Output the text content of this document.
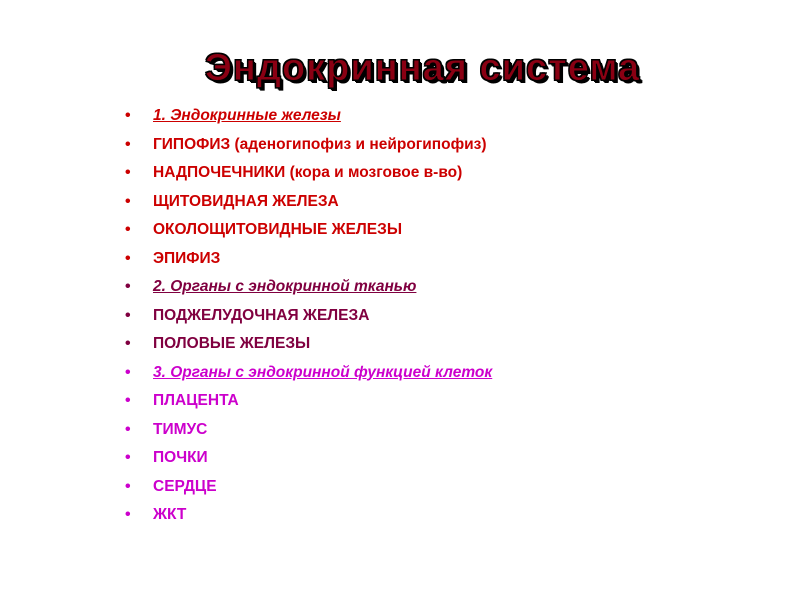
Эндокринная система
•	1. Эндокринные железы
•	ГИПОФИЗ (аденогипофиз и нейрогипофиз)
•	НАДПОЧЕЧНИКИ (кора и мозговое в-во)
•	ЩИТОВИДНАЯ ЖЕЛЕЗА
•	ОКОЛОЩИТОВИДНЫЕ ЖЕЛЕЗЫ
•	ЭПИФИЗ
•	2. Органы с эндокринной тканью
•	ПОДЖЕЛУДОЧНАЯ ЖЕЛЕЗА
•	ПОЛОВЫЕ ЖЕЛЕЗЫ
•	3. Органы с эндокринной функцией клеток
•	ПЛАЦЕНТА
•	ТИМУС
•	ПОЧКИ
•	СЕРДЦЕ
•	ЖКТ
